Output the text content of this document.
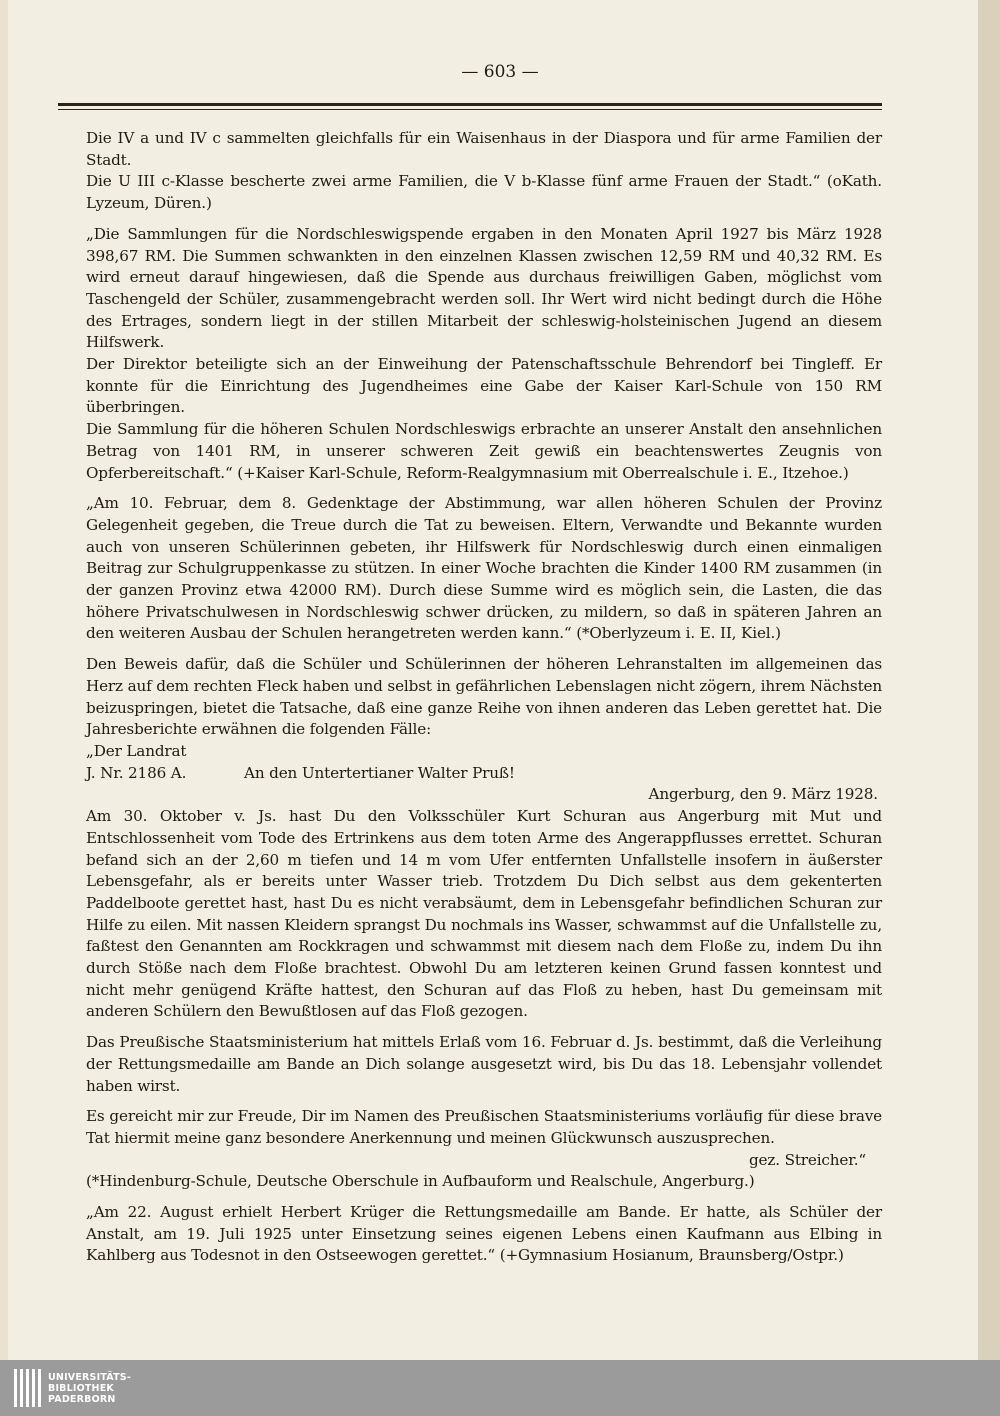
— 603 —

Die IV a und IV c sammelten gleichfalls für ein Waisenhaus in der Diaspora und für arme Familien der Stadt.

Die U III c-Klasse bescherte zwei arme Familien, die V b-Klasse fünf arme Frauen der Stadt.“ (oKath. Lyzeum, Düren.)

„Die Sammlungen für die Nordschleswigspende ergaben in den Monaten April 1927 bis März 1928 398,67 RM. Die Summen schwankten in den einzelnen Klassen zwischen 12,59 RM und 40,32 RM. Es wird erneut darauf hingewiesen, daß die Spende aus durchaus freiwilligen Gaben, möglichst vom Taschengeld der Schüler, zusammengebracht werden soll. Ihr Wert wird nicht bedingt durch die Höhe des Ertrages, sondern liegt in der stillen Mitarbeit der schleswig-holsteinischen Jugend an diesem Hilfswerk.

Der Direktor beteiligte sich an der Einweihung der Patenschaftsschule Behrendorf bei Tingleff. Er konnte für die Einrichtung des Jugendheimes eine Gabe der Kaiser Karl-Schule von 150 RM überbringen.

Die Sammlung für die höheren Schulen Nordschleswigs erbrachte an unserer Anstalt den ansehnlichen Betrag von 1401 RM, in unserer schweren Zeit gewiß ein beachtenswertes Zeugnis von Opferbereitschaft.“ (+Kaiser Karl-Schule, Reform-Realgymnasium mit Oberrealschule i. E., Itzehoe.)

„Am 10. Februar, dem 8. Gedenktage der Abstimmung, war allen höheren Schulen der Provinz Gelegenheit gegeben, die Treue durch die Tat zu beweisen. Eltern, Verwandte und Bekannte wurden auch von unseren Schülerinnen gebeten, ihr Hilfswerk für Nordschleswig durch einen einmaligen Beitrag zur Schulgruppenkasse zu stützen. In einer Woche brachten die Kinder 1400 RM zusammen (in der ganzen Provinz etwa 42000 RM). Durch diese Summe wird es möglich sein, die Lasten, die das höhere Privatschulwesen in Nordschleswig schwer drücken, zu mildern, so daß in späteren Jahren an den weiteren Ausbau der Schulen herangetreten werden kann.“ (*Oberlyzeum i. E. II, Kiel.)

Den Beweis dafür, daß die Schüler und Schülerinnen der höheren Lehranstalten im allgemeinen das Herz auf dem rechten Fleck haben und selbst in gefährlichen Lebenslagen nicht zögern, ihrem Nächsten beizuspringen, bietet die Tatsache, daß eine ganze Reihe von ihnen anderen das Leben gerettet hat. Die Jahresberichte erwähnen die folgenden Fälle:

„Der Landrat

J. Nr. 2186 A.	An den Untertertianer Walter Pruß!

Angerburg, den 9. März 1928.

Am 30. Oktober v. Js. hast Du den Volksschüler Kurt Schuran aus Angerburg mit Mut und Entschlossenheit vom Tode des Ertrinkens aus dem toten Arme des Angerappflusses errettet. Schuran befand sich an der 2,60 m tiefen und 14 m vom Ufer entfernten Unfallstelle insofern in äußerster Lebensgefahr, als er bereits unter Wasser trieb. Trotzdem Du Dich selbst aus dem gekenterten Paddelboote gerettet hast, hast Du es nicht verabsäumt, dem in Lebensgefahr befindlichen Schuran zur Hilfe zu eilen. Mit nassen Kleidern sprangst Du nochmals ins Wasser, schwammst auf die Unfallstelle zu, faßtest den Genannten am Rockkragen und schwammst mit diesem nach dem Floße zu, indem Du ihn durch Stöße nach dem Floße brachtest. Obwohl Du am letzteren keinen Grund fassen konntest und nicht mehr genügend Kräfte hattest, den Schuran auf das Floß zu heben, hast Du gemeinsam mit anderen Schülern den Bewußtlosen auf das Floß gezogen.

Das Preußische Staatsministerium hat mittels Erlaß vom 16. Februar d. Js. bestimmt, daß die Verleihung der Rettungsmedaille am Bande an Dich solange ausgesetzt wird, bis Du das 18. Lebensjahr vollendet haben wirst.

Es gereicht mir zur Freude, Dir im Namen des Preußischen Staatsministeriums vorläufig für diese brave Tat hiermit meine ganz besondere Anerkennung und meinen Glückwunsch auszusprechen.

gez. Streicher.“

(*Hindenburg-Schule, Deutsche Oberschule in Aufbauform und Realschule, Angerburg.)

„Am 22. August erhielt Herbert Krüger die Rettungsmedaille am Bande. Er hatte, als Schüler der Anstalt, am 19. Juli 1925 unter Einsetzung seines eigenen Lebens einen Kaufmann aus Elbing in Kahlberg aus Todesnot in den Ostseewogen gerettet.“ (+Gymnasium Hosianum, Braunsberg/Ostpr.)

UNIVERSITÄTS-
BIBLIOTHEK
PADERBORN
